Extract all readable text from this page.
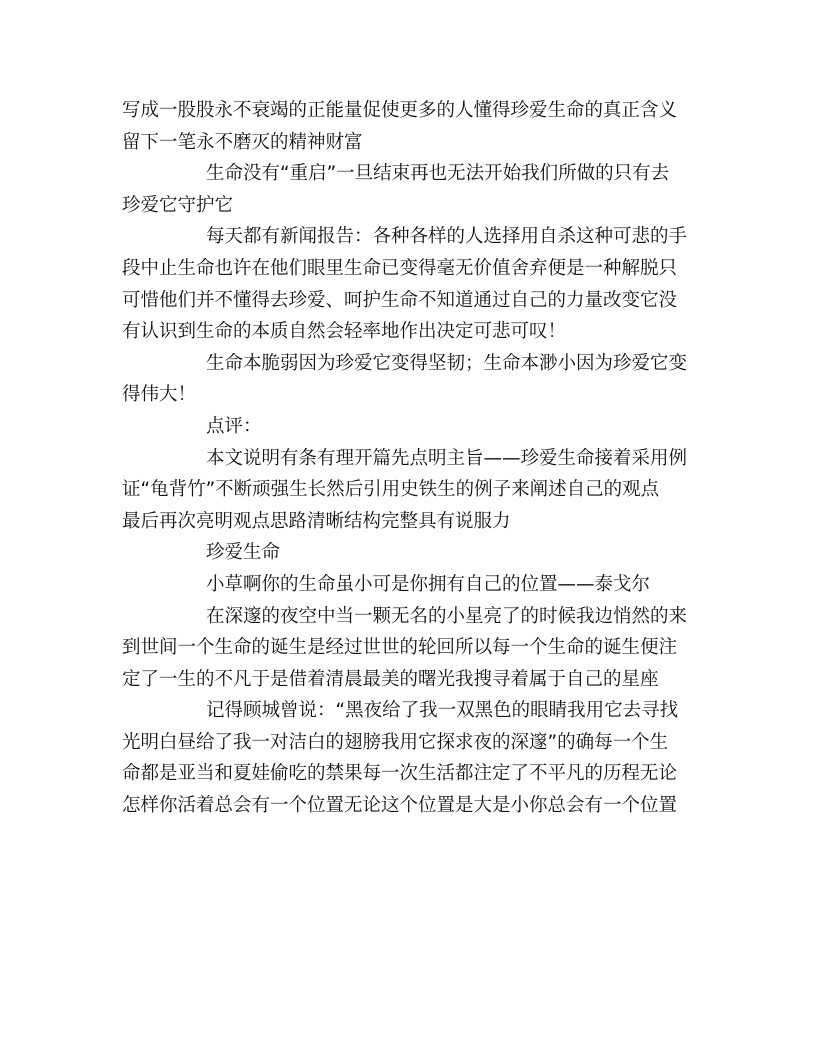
写成一股股永不衰竭的正能量促使更多的人懂得珍爱生命的真正含义
留下一笔永不磨灭的精神财富
生命没有“重启”一旦结束再也无法开始我们所做的只有去
珍爱它守护它
每天都有新闻报告：各种各样的人选择用自杀这种可悲的手
段中止生命也许在他们眼里生命已变得毫无价值舍弃便是一种解脱只
可惜他们并不懂得去珍爱、呵护生命不知道通过自己的力量改变它没
有认识到生命的本质自然会轻率地作出决定可悲可叹！
生命本脆弱因为珍爱它变得坚韧；生命本渺小因为珍爱它变
得伟大！
点评：
本文说明有条有理开篇先点明主旨——珍爱生命接着采用例
证“龟背竹”不断顽强生长然后引用史铁生的例子来阐述自己的观点
最后再次亮明观点思路清晰结构完整具有说服力
珍爱生命
小草啊你的生命虽小可是你拥有自己的位置——泰戈尔
在深邃的夜空中当一颗无名的小星亮了的时候我边悄然的来
到世间一个生命的诞生是经过世世的轮回所以每一个生命的诞生便注
定了一生的不凡于是借着清晨最美的曙光我搜寻着属于自己的星座
记得顾城曾说：“黑夜给了我一双黑色的眼睛我用它去寻找
光明白昼给了我一对洁白的翅膀我用它探求夜的深邃”的确每一个生
命都是亚当和夏娃偷吃的禁果每一次生活都注定了不平凡的历程无论
怎样你活着总会有一个位置无论这个位置是大是小你总会有一个位置
